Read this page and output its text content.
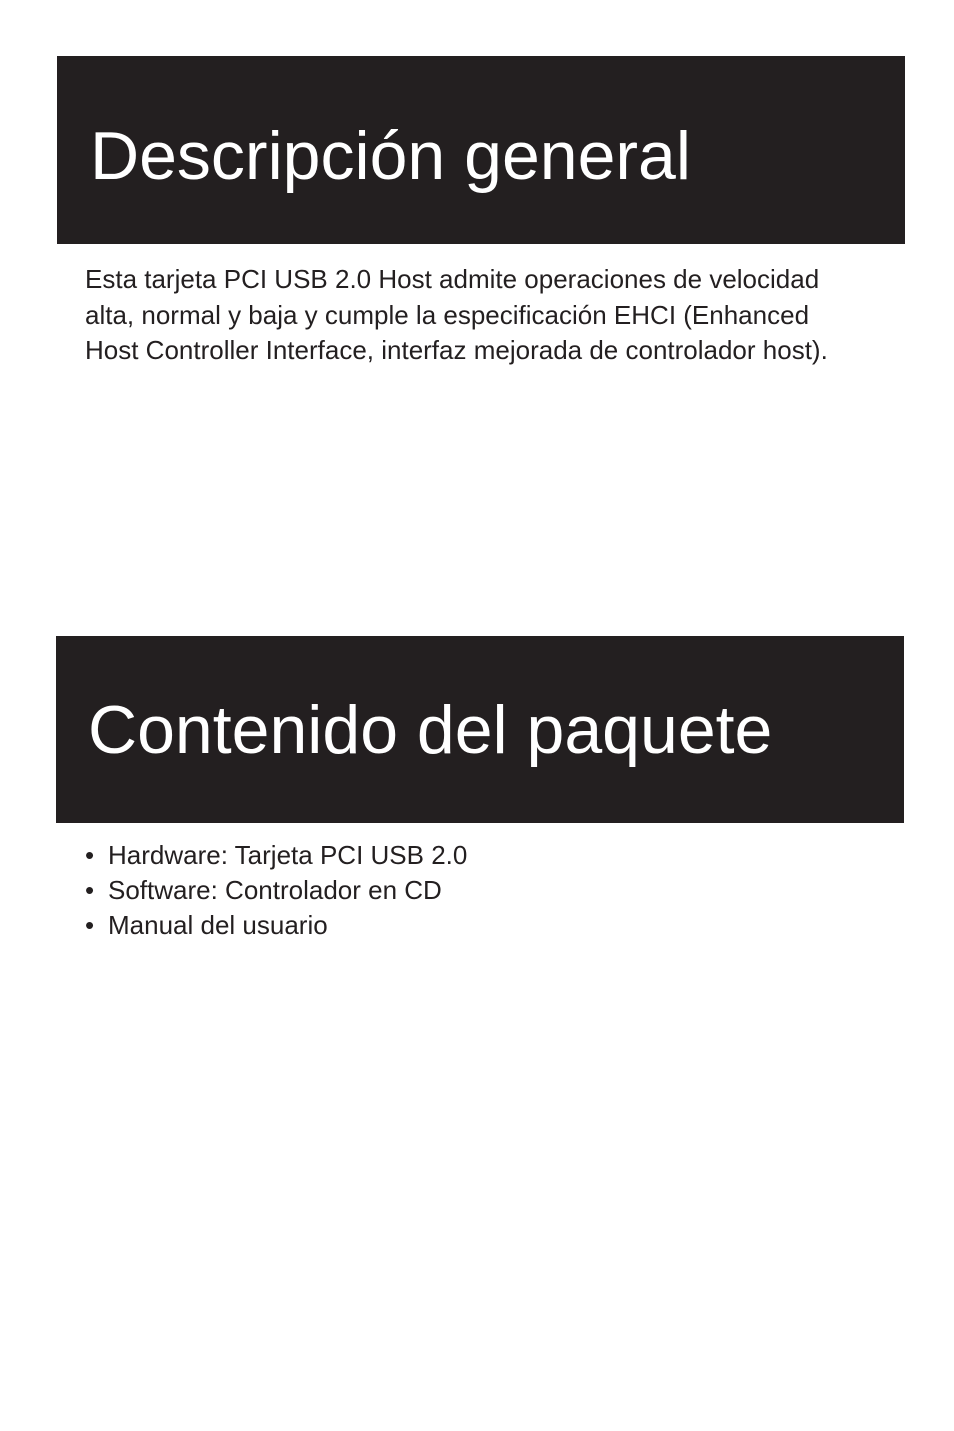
Descripción general

Esta tarjeta PCI USB 2.0 Host admite operaciones de velocidad alta, normal y baja y cumple la especificación EHCI (Enhanced Host Controller Interface, interfaz mejorada de controlador host).

Contenido del paquete
• Hardware: Tarjeta PCI USB 2.0
• Software: Controlador en CD
• Manual del usuario
